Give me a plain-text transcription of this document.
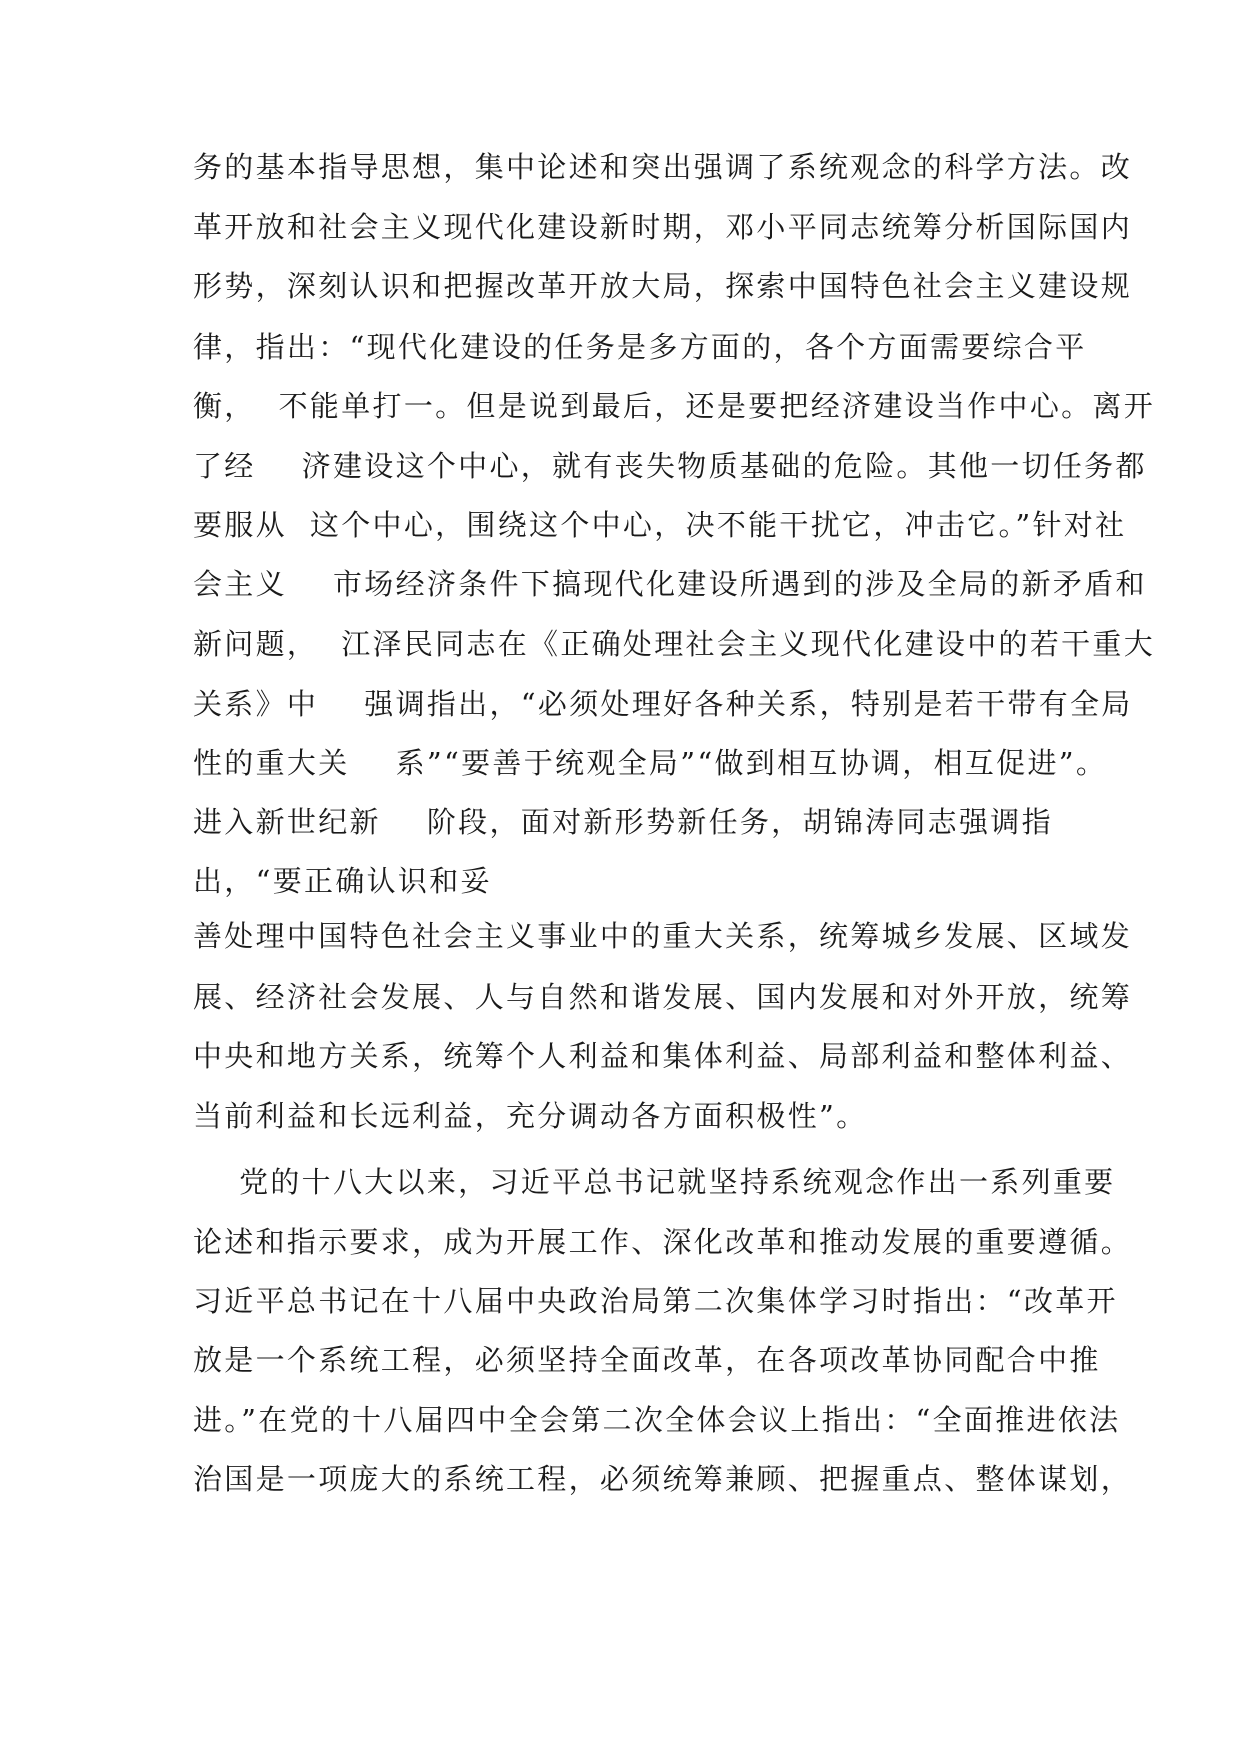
务的基本指导思想，集中论述和突出强调了系统观念的科学方法。改

革开放和社会主义现代化建设新时期，邓小平同志统筹分析国际国内

形势，深刻认识和把握改革开放大局，探索中国特色社会主义建设规

律，指出：“现代化建设的任务是多方面的，各个方面需要综合平

衡，  不能单打一。但是说到最后，还是要把经济建设当作中心。离开

了经    济建设这个中心，就有丧失物质基础的危险。其他一切任务都

要服从  这个中心，围绕这个中心，决不能干扰它，冲击它。”针对社

会主义    市场经济条件下搞现代化建设所遇到的涉及全局的新矛盾和

新问题，  江泽民同志在《正确处理社会主义现代化建设中的若干重大

关系》中    强调指出，“必须处理好各种关系，特别是若干带有全局

性的重大关    系”“要善于统观全局”“做到相互协调，相互促进”。

进入新世纪新    阶段，面对新形势新任务，胡锦涛同志强调指

出，“要正确认识和妥

善处理中国特色社会主义事业中的重大关系，统筹城乡发展、区域发

展、经济社会发展、人与自然和谐发展、国内发展和对外开放，统筹

中央和地方关系，统筹个人利益和集体利益、局部利益和整体利益、

当前利益和长远利益，充分调动各方面积极性”。

党的十八大以来，习近平总书记就坚持系统观念作出一系列重要

论述和指示要求，成为开展工作、深化改革和推动发展的重要遵循。

习近平总书记在十八届中央政治局第二次集体学习时指出：“改革开

放是一个系统工程，必须坚持全面改革，在各项改革协同配合中推

进。”在党的十八届四中全会第二次全体会议上指出：“全面推进依法

治国是一项庞大的系统工程，必须统筹兼顾、把握重点、整体谋划，
